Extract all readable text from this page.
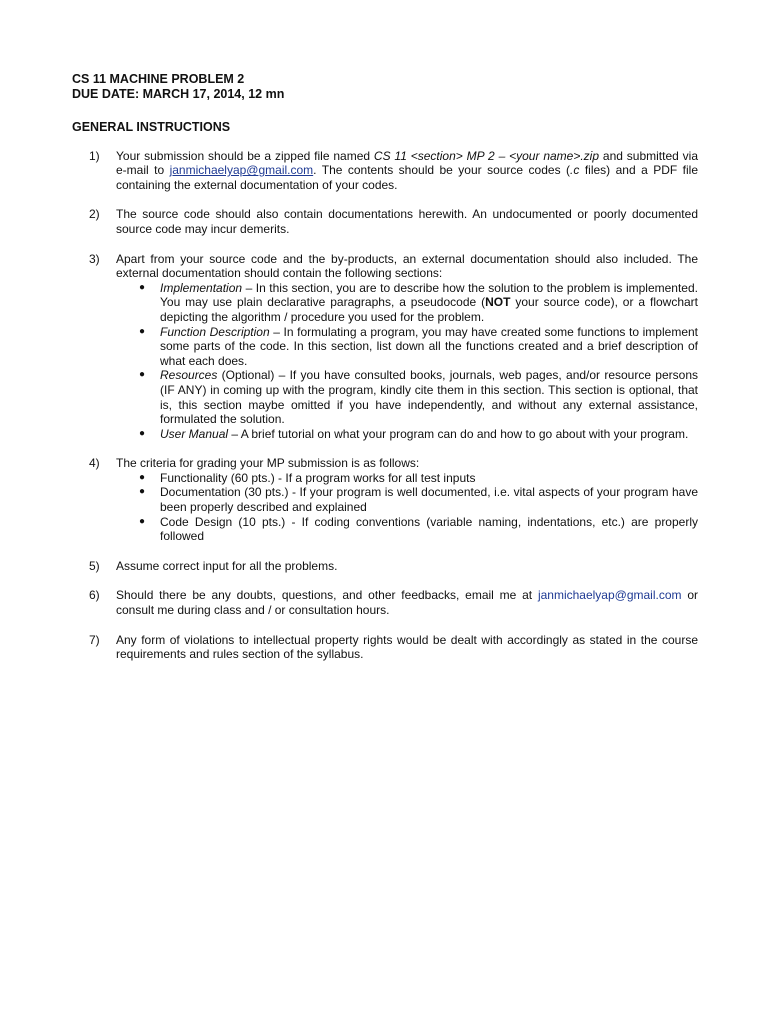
CS 11 MACHINE PROBLEM 2
DUE DATE: MARCH 17, 2014, 12 mn
GENERAL INSTRUCTIONS
1) Your submission should be a zipped file named CS 11 <section> MP 2 – <your name>.zip and submitted via e-mail to janmichaelyap@gmail.com. The contents should be your source codes (.c files) and a PDF file containing the external documentation of your codes.
2) The source code should also contain documentations herewith. An undocumented or poorly documented source code may incur demerits.
3) Apart from your source code and the by-products, an external documentation should also included. The external documentation should contain the following sections:
● Implementation – In this section, you are to describe how the solution to the problem is implemented. You may use plain declarative paragraphs, a pseudocode (NOT your source code), or a flowchart depicting the algorithm / procedure you used for the problem.
● Function Description – In formulating a program, you may have created some functions to implement some parts of the code. In this section, list down all the functions created and a brief description of what each does.
● Resources (Optional) – If you have consulted books, journals, web pages, and/or resource persons (IF ANY) in coming up with the program, kindly cite them in this section. This section is optional, that is, this section maybe omitted if you have independently, and without any external assistance, formulated the solution.
● User Manual – A brief tutorial on what your program can do and how to go about with your program.
4) The criteria for grading your MP submission is as follows:
● Functionality (60 pts.) - If a program works for all test inputs
● Documentation (30 pts.) - If your program is well documented, i.e. vital aspects of your program have been properly described and explained
● Code Design (10 pts.) - If coding conventions (variable naming, indentations, etc.) are properly followed
5) Assume correct input for all the problems.
6) Should there be any doubts, questions, and other feedbacks, email me at janmichaelyap@gmail.com or consult me during class and / or consultation hours.
7) Any form of violations to intellectual property rights would be dealt with accordingly as stated in the course requirements and rules section of the syllabus.
